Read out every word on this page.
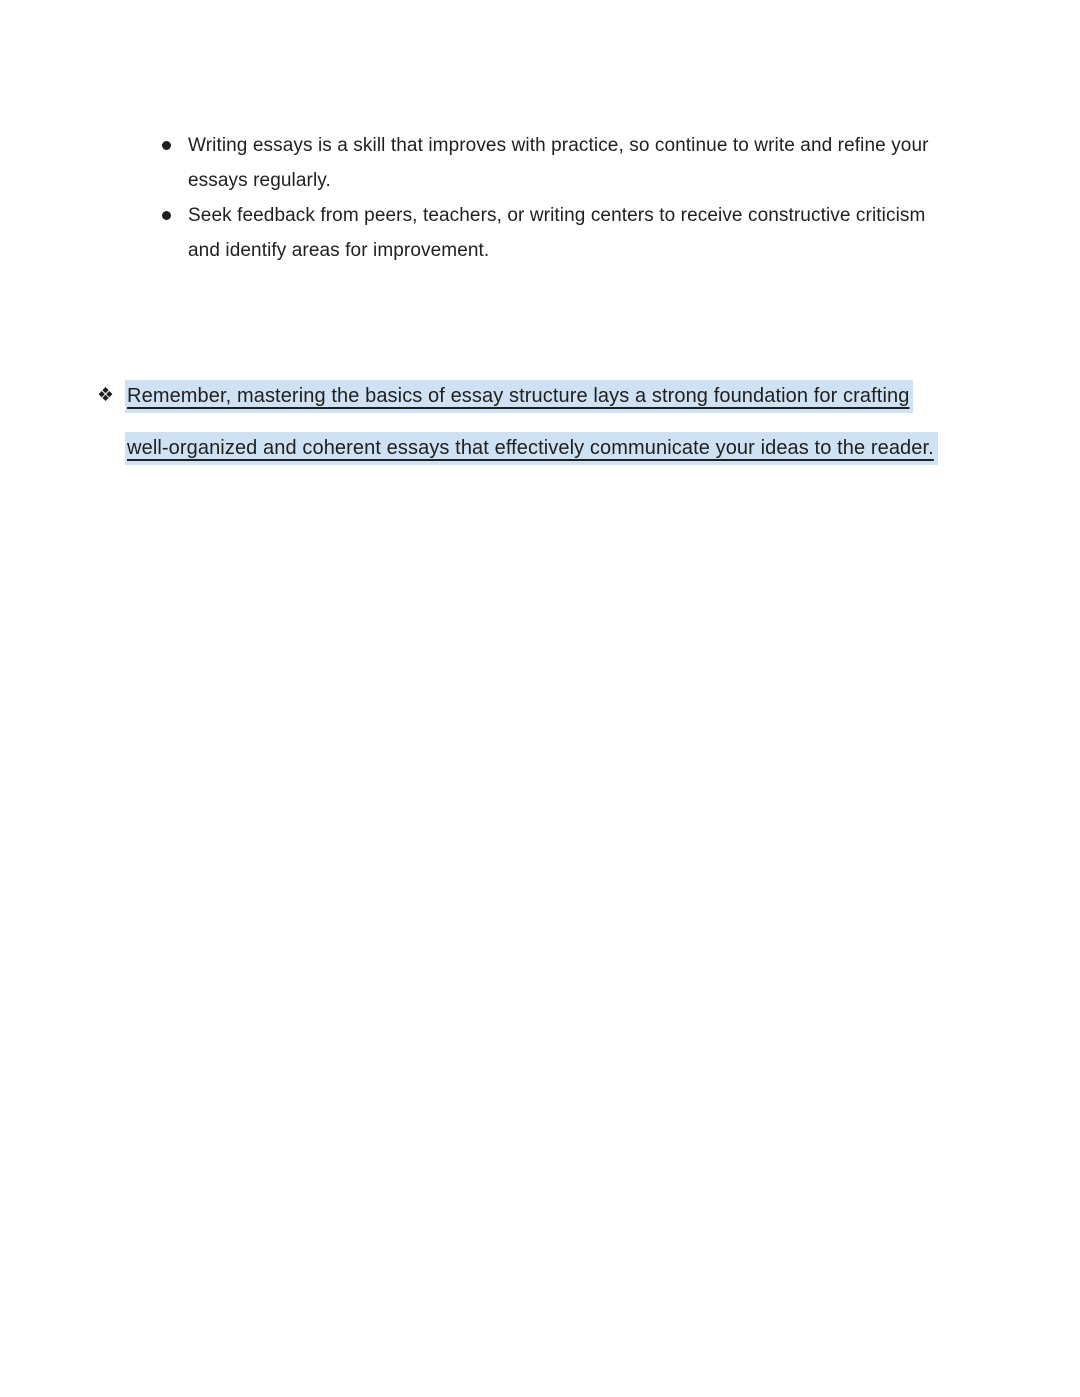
Writing essays is a skill that improves with practice, so continue to write and refine your essays regularly.
Seek feedback from peers, teachers, or writing centers to receive constructive criticism and identify areas for improvement.
❖ Remember, mastering the basics of essay structure lays a strong foundation for crafting
well-organized and coherent essays that effectively communicate your ideas to the reader.
